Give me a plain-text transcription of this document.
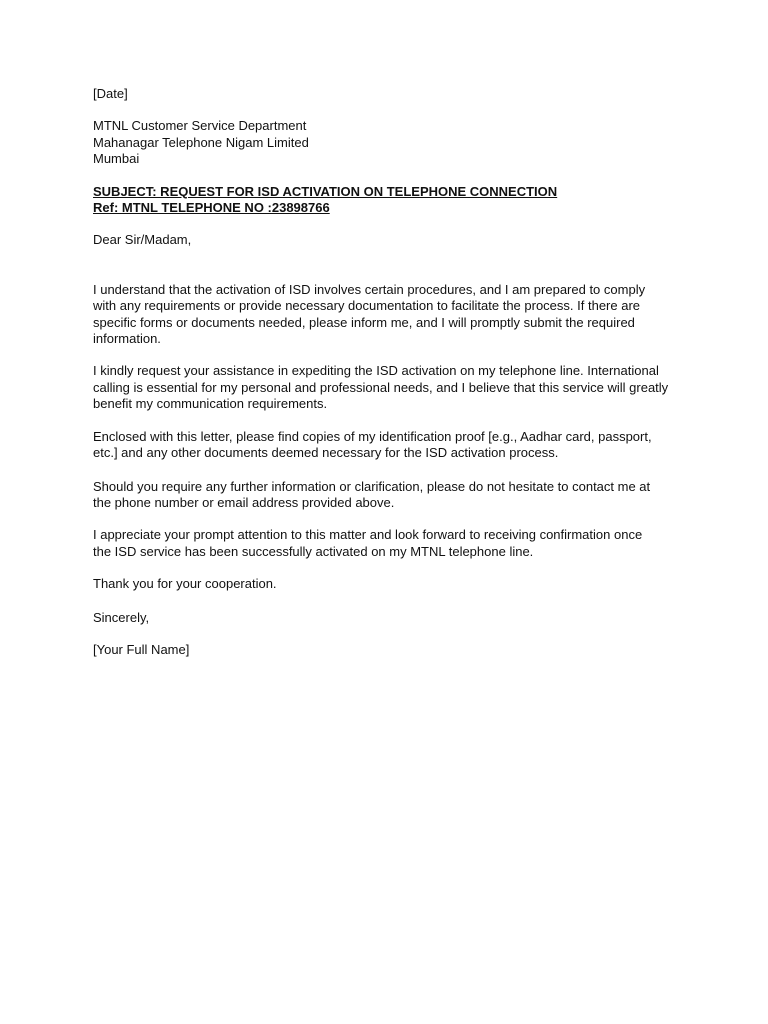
[Date]
MTNL Customer Service Department
Mahanagar Telephone Nigam Limited
Mumbai
SUBJECT: REQUEST FOR ISD ACTIVATION ON TELEPHONE CONNECTION
Ref: MTNL TELEPHONE NO :23898766
Dear Sir/Madam,
I understand that the activation of ISD involves certain procedures, and I am prepared to comply
with any requirements or provide necessary documentation to facilitate the process. If there are
specific forms or documents needed, please inform me, and I will promptly submit the required
information.
I kindly request your assistance in expediting the ISD activation on my telephone line. International
calling is essential for my personal and professional needs, and I believe that this service will greatly
benefit my communication requirements.
Enclosed with this letter, please find copies of my identification proof [e.g., Aadhar card, passport,
etc.] and any other documents deemed necessary for the ISD activation process.
Should you require any further information or clarification, please do not hesitate to contact me at
the phone number or email address provided above.
I appreciate your prompt attention to this matter and look forward to receiving confirmation once
the ISD service has been successfully activated on my MTNL telephone line.
Thank you for your cooperation.
Sincerely,
[Your Full Name]
